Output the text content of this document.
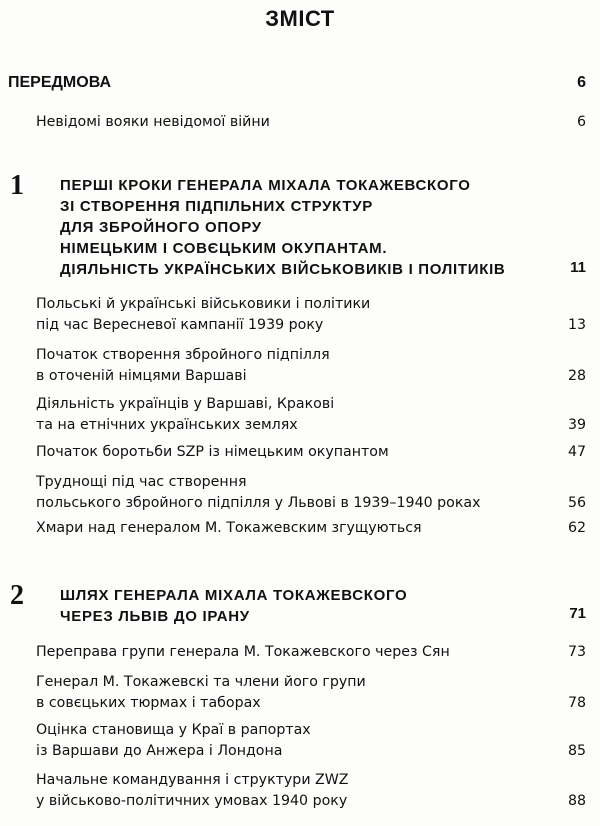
ЗМІСТ
ПЕРЕДМОВА	6
Невідомі вояки невідомої війни	6
1 ПЕРШІ КРОКИ ГЕНЕРАЛА МІХАЛА ТОКАЖЕВСКОГО
ЗІ СТВОРЕННЯ ПІДПІЛЬНИХ СТРУКТУР
ДЛЯ ЗБРОЙНОГО ОПОРУ
НІМЕЦЬКИМ І СОВЄЦЬКИМ ОКУПАНТАМ.
ДІЯЛЬНІСТЬ УКРАЇНСЬКИХ ВІЙСЬКОВИКІВ І ПОЛІТИКІВ	11
Польські й українські військовики і політики
під час Вересневої кампанії 1939 року	13
Початок створення збройного підпілля
в оточеній німцями Варшаві	28
Діяльність українців у Варшаві, Кракові
та на етнічних українських землях	39
Початок боротьби SZP із німецьким окупантом	47
Труднощі під час створення
польського збройного підпілля у Львові в 1939–1940 роках	56
Хмари над генералом М. Токажевским згущуються	62
2 ШЛЯХ ГЕНЕРАЛА МІХАЛА ТОКАЖЕВСКОГО
ЧЕРЕЗ ЛЬВІВ ДО ІРАНУ	71
Переправа групи генерала М. Токажевского через Сян	73
Генерал М. Токажевскі та члени його групи
в совєцьких тюрмах і таборах	78
Оцінка становища у Краї в рапортах
із Варшави до Анжера і Лондона	85
Начальне командування і структури ZWZ
у військово-політичних умовах 1940 року	88
